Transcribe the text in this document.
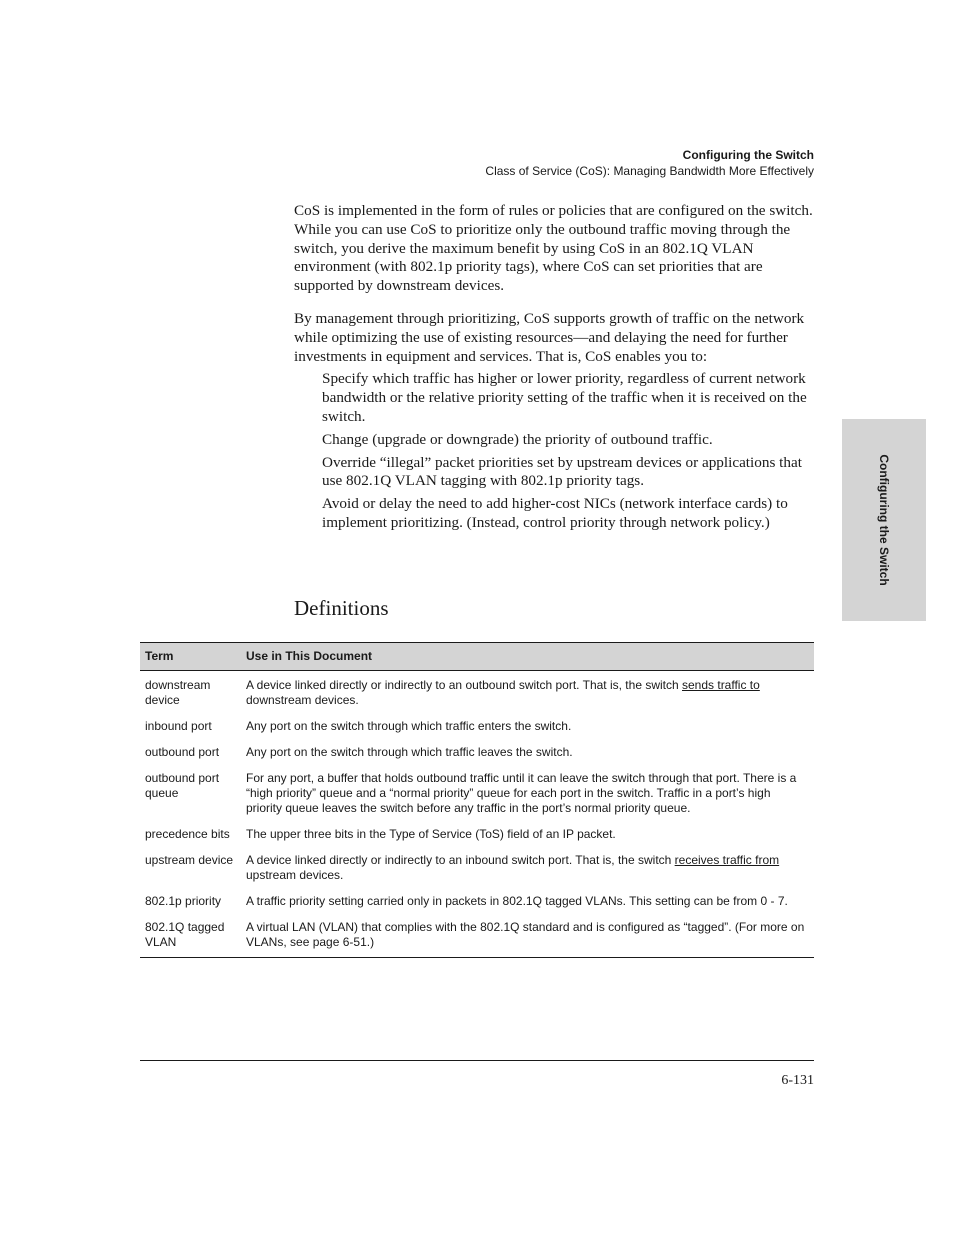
Configuring the Switch
Class of Service (CoS): Managing Bandwidth More Effectively
Configuring the Switch

CoS is implemented in the form of rules or policies that are configured on the switch. While you can use CoS to prioritize only the outbound traffic moving through the switch, you derive the maximum benefit by using CoS in an 802.1Q VLAN environment (with 802.1p priority tags), where CoS can set priorities that are supported by downstream devices.

By management through prioritizing, CoS supports growth of traffic on the network while optimizing the use of existing resources—and delaying the need for further investments in equipment and services. That is, CoS enables you to:

Specify which traffic has higher or lower priority, regardless of current network bandwidth or the relative priority setting of the traffic when it is received on the switch.
Change (upgrade or downgrade) the priority of outbound traffic.
Override “illegal” packet priorities set by upstream devices or applications that use 802.1Q VLAN tagging with 802.1p priority tags.
Avoid or delay the need to add higher-cost NICs (network interface cards) to implement prioritizing. (Instead, control priority through network policy.)
Definitions
Term	Use in This Document
downstream device	A device linked directly or indirectly to an outbound switch port. That is, the switch sends traffic to downstream devices.
inbound port	Any port on the switch through which traffic enters the switch.
outbound port	Any port on the switch through which traffic leaves the switch.
outbound port queue	For any port, a buffer that holds outbound traffic until it can leave the switch through that port. There is a “high priority” queue and a “normal priority” queue for each port in the switch. Traffic in a port’s high priority queue leaves the switch before any traffic in the port’s normal priority queue.
precedence bits	The upper three bits in the Type of Service (ToS) field of an IP packet.
upstream device	A device linked directly or indirectly to an inbound switch port. That is, the switch receives traffic from upstream devices.
802.1p priority	A traffic priority setting carried only in packets in 802.1Q tagged VLANs. This setting can be from 0 - 7.
802.1Q tagged VLAN	A virtual LAN (VLAN) that complies with the 802.1Q standard and is configured as “tagged”. (For more on VLANs, see page 6-51.)
6-131
